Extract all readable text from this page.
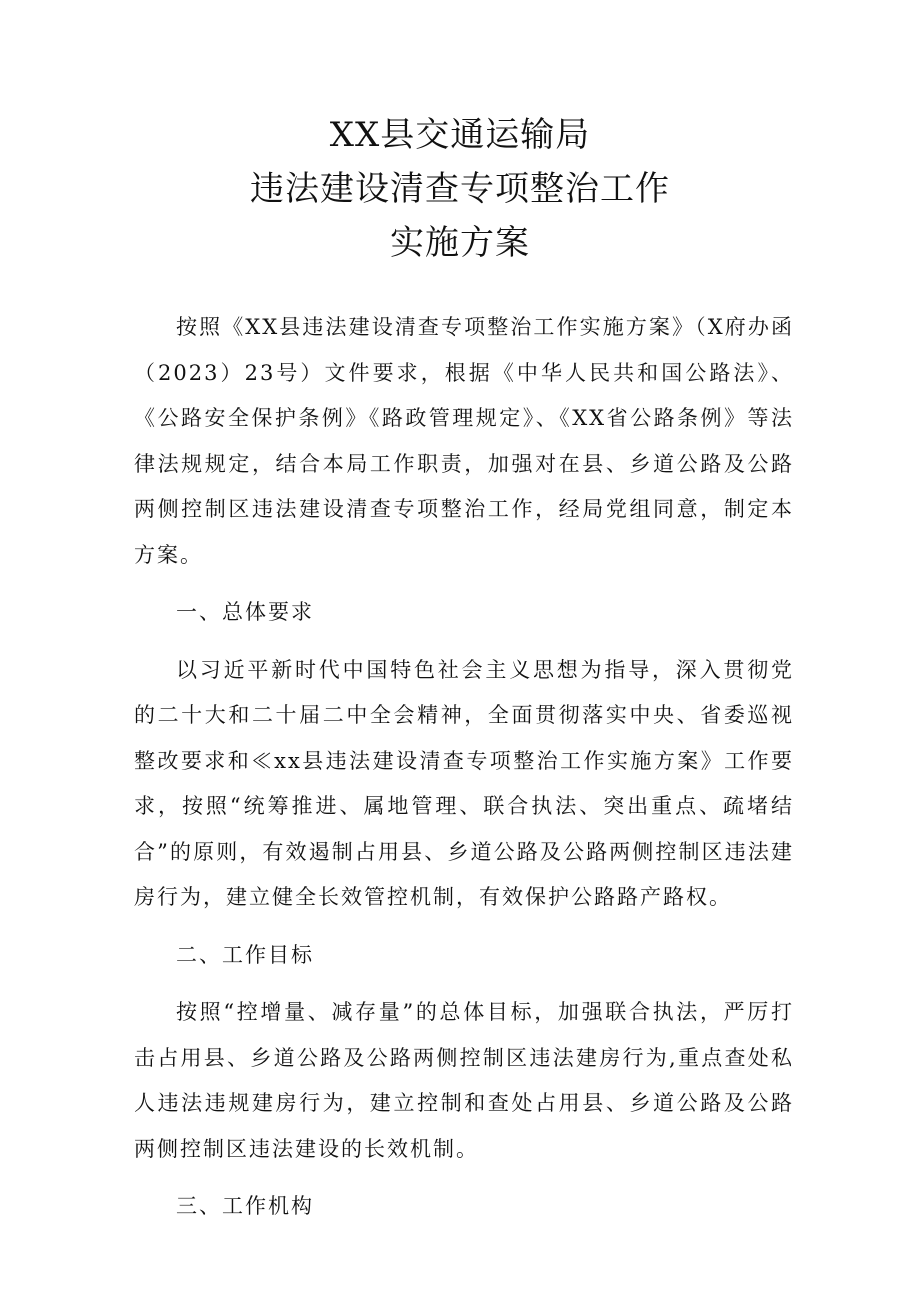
XX县交通运输局
违法建设清查专项整治工作
实施方案

按照《XX县违法建设清查专项整治工作实施方案》（X府办函（2023）23号）文件要求，根据《中华人民共和国公路法》、《公路安全保护条例》《路政管理规定》、《XX省公路条例》等法律法规规定，结合本局工作职责，加强对在县、乡道公路及公路两侧控制区违法建设清查专项整治工作，经局党组同意，制定本方案。

一、总体要求

以习近平新时代中国特色社会主义思想为指导，深入贯彻党的二十大和二十届二中全会精神，全面贯彻落实中央、省委巡视整改要求和≪xx县违法建设清查专项整治工作实施方案》工作要求，按照“统筹推进、属地管理、联合执法、突出重点、疏堵结合”的原则，有效遏制占用县、乡道公路及公路两侧控制区违法建房行为，建立健全长效管控机制，有效保护公路路产路权。

二、工作目标

按照“控增量、减存量”的总体目标，加强联合执法，严厉打击占用县、乡道公路及公路两侧控制区违法建房行为,重点查处私人违法违规建房行为，建立控制和查处占用县、乡道公路及公路两侧控制区违法建设的长效机制。

三、工作机构
